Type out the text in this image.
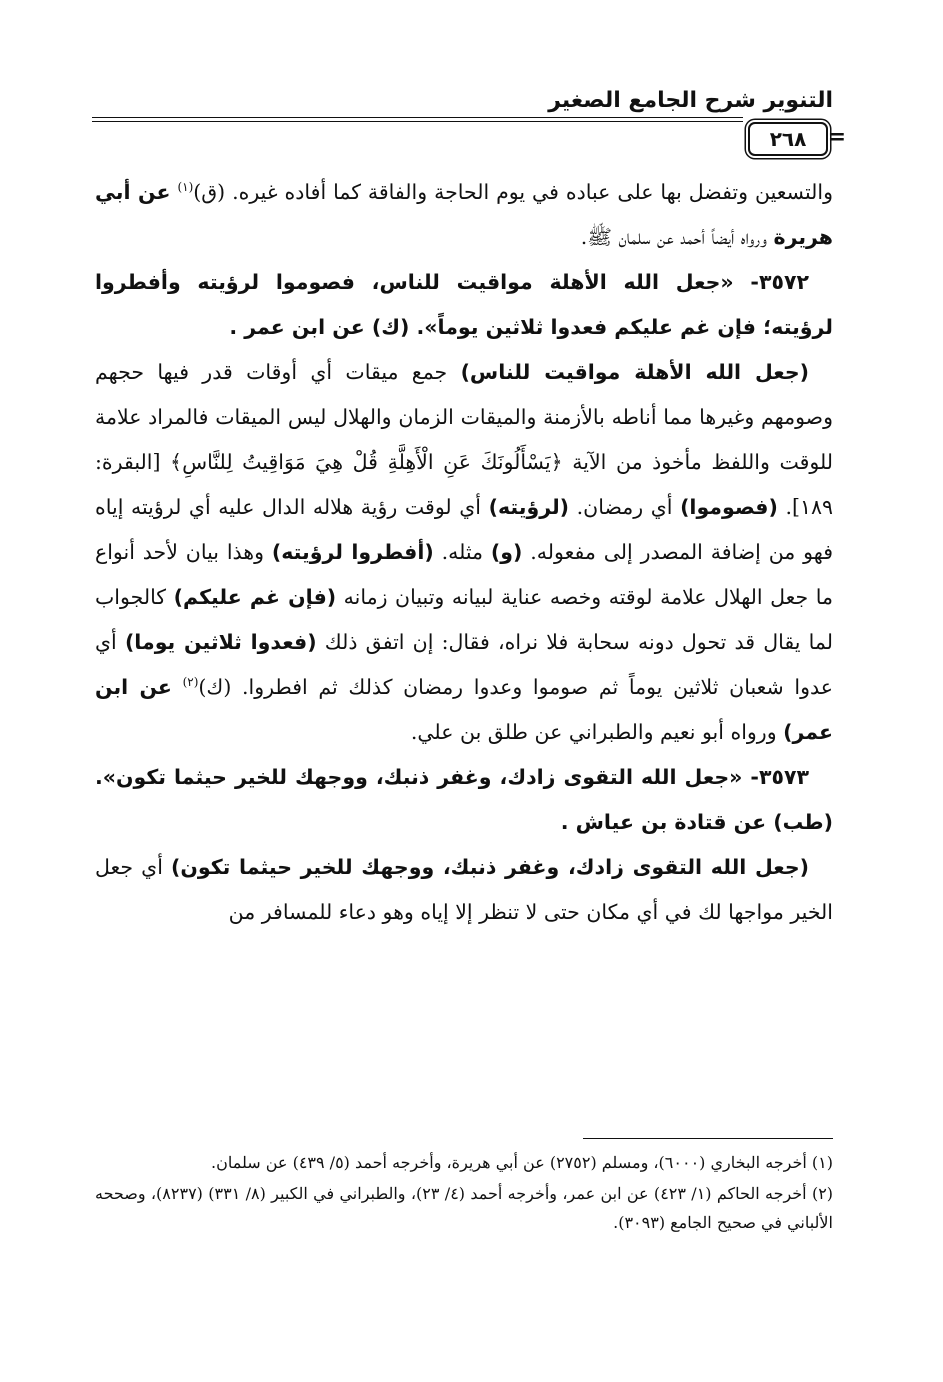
التنوير شرح الجامع الصغير
٢٦٨ =

والتسعين وتفضل بها على عباده في يوم الحاجة والفاقة كما أفاده غيره. (ق)$^{(١)}$ عن أبي هريرة ورواه أيضاً أحمد عن سلمان ﷺ.

٣٥٧٢- «جعل الله الأهلة مواقيت للناس، فصوموا لرؤيته وأفطروا لرؤيته؛ فإن غم عليكم فعدوا ثلاثين يوماً». (ك) عن ابن عمر .

(جعل الله الأهلة مواقيت للناس) جمع ميقات أي أوقات قدر فيها حجهم وصومهم وغيرها مما أناطه بالأزمنة والميقات الزمان والهلال ليس الميقات فالمراد علامة للوقت واللفظ مأخوذ من الآية ﴿يَسْأَلُونَكَ عَنِ الْأَهِلَّةِ قُلْ هِيَ مَوَاقِيتُ لِلنَّاسِ﴾ [البقرة: ١٨٩]. (فصوموا) أي رمضان. (لرؤيته) أي لوقت رؤية هلاله الدال عليه أي لرؤيته إياه فهو من إضافة المصدر إلى مفعوله. (و) مثله. (أفطروا لرؤيته) وهذا بيان لأحد أنواع ما جعل الهلال علامة لوقته وخصه عناية لبيانه وتبيان زمانه (فإن غم عليكم) كالجواب لما يقال قد تحول دونه سحابة فلا نراه، فقال: إن اتفق ذلك (فعدوا ثلاثين يوما) أي عدوا شعبان ثلاثين يوماً ثم صوموا وعدوا رمضان كذلك ثم افطروا. (ك)$^{(٢)}$ عن ابن عمر) ورواه أبو نعيم والطبراني عن طلق بن علي.

٣٥٧٣- «جعل الله التقوى زادك، وغفر ذنبك، ووجهك للخير حيثما تكون». (طب) عن قتادة بن عياش .

(جعل الله التقوى زادك، وغفر ذنبك، ووجهك للخير حيثما تكون) أي جعل الخير مواجها لك في أي مكان حتى لا تنظر إلا إياه وهو دعاء للمسافر من

(١) أخرجه البخاري (٦٠٠٠)، ومسلم (٢٧٥٢) عن أبي هريرة، وأخرجه أحمد (٥/ ٤٣٩) عن سلمان.

(٢) أخرجه الحاكم (١/ ٤٢٣) عن ابن عمر، وأخرجه أحمد (٤/ ٢٣)، والطبراني في الكبير (٨/ ٣٣١) (٨٢٣٧)، وصححه الألباني في صحيح الجامع (٣٠٩٣).
